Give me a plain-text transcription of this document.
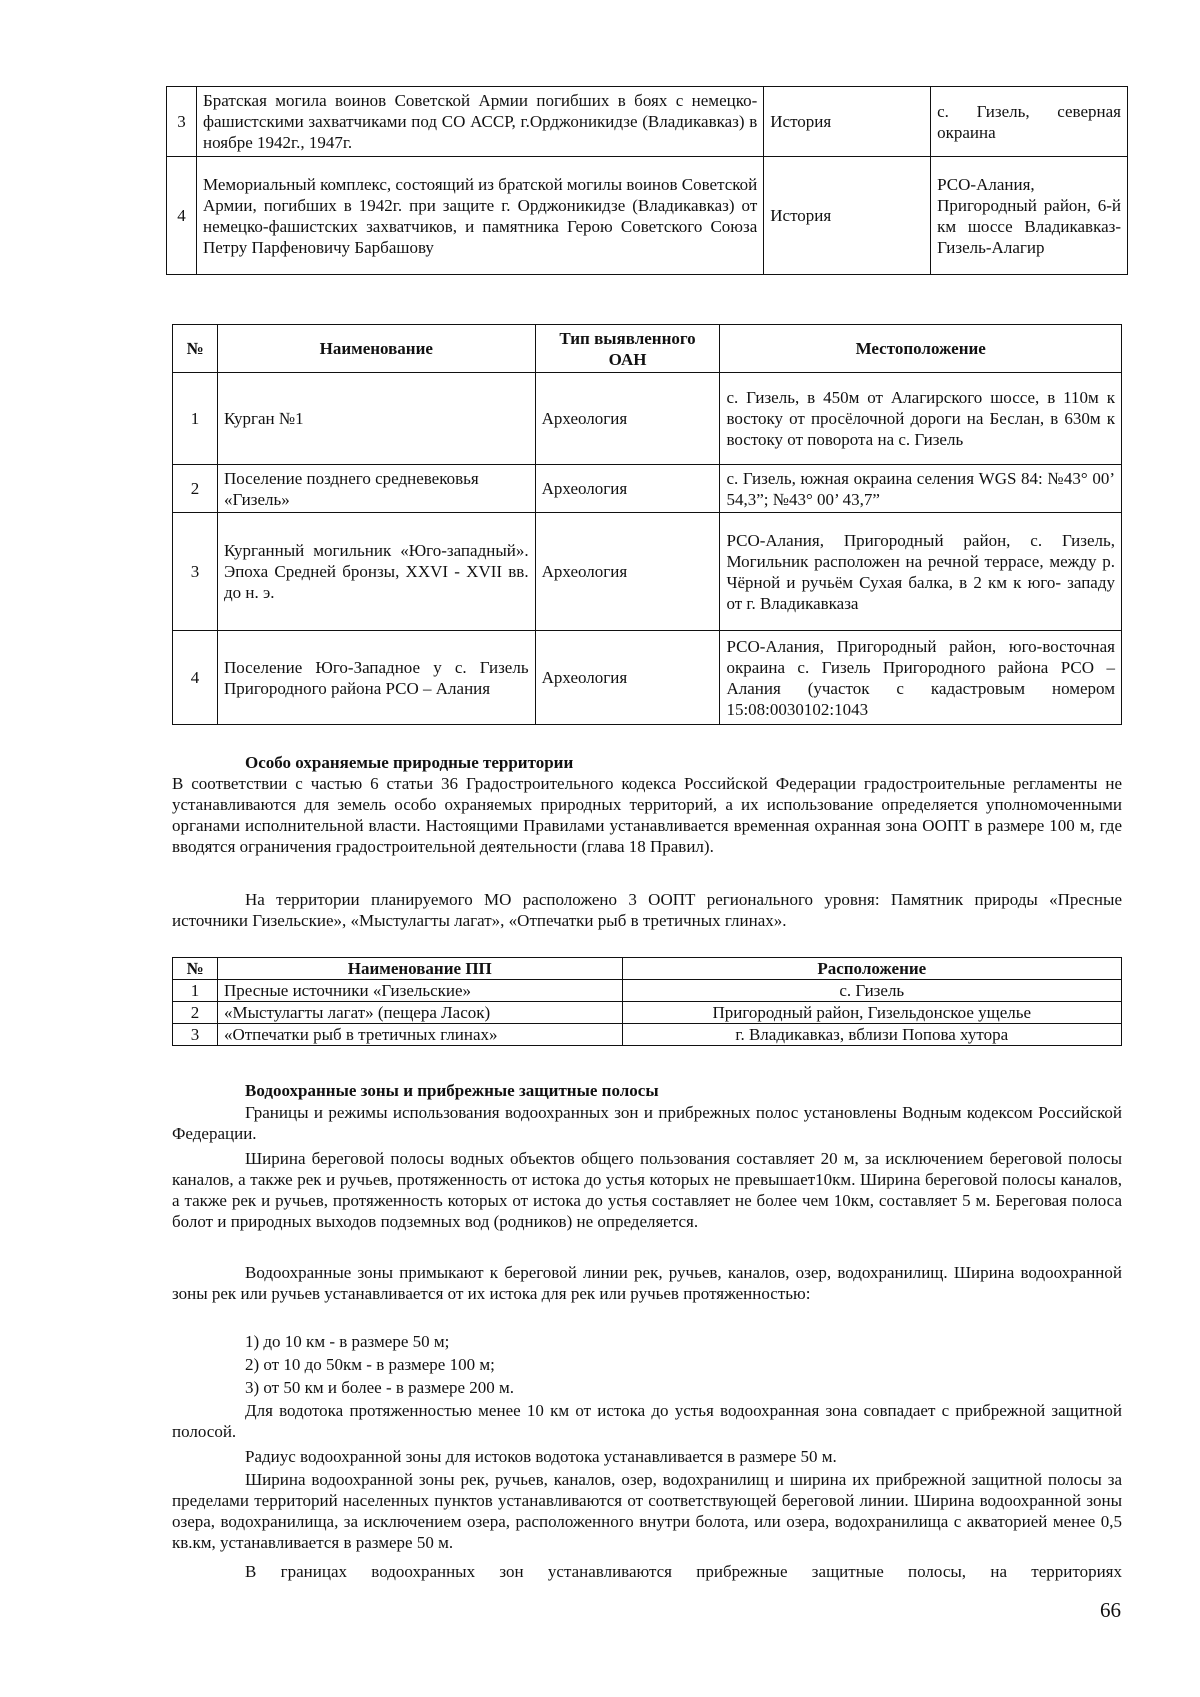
3	Братская могила воинов Советской Армии погибших в боях с немецко-фашистскими захватчиками под СО АССР, г.Орджоникидзе (Владикавказ) в ноябре 1942г., 1947г.	История	с. Гизель, северная окраина
4	Мемориальный комплекс, состоящий из братской могилы воинов Советской Армии, погибших в 1942г. при защите г. Орджоникидзе (Владикавказ) от немецко-фашистских захватчиков, и памятника Герою Советского Союза Петру Парфеновичу Барбашову	История	РСО-Алания, Пригородный район, 6-й км шоссе Владикавказ-Гизель-Алагир
№	Наименование	Тип выявленного ОАН	Местоположение
1	Курган №1	Археология	с. Гизель, в 450м от Алагирского шоссе, в 110м к востоку от просёлочной дороги на Беслан, в 630м к востоку от поворота на с. Гизель
2	Поселение позднего средневековья «Гизель»	Археология	с. Гизель, южная окраина селения WGS 84: №43° 00’ 54,3”; №43° 00’ 43,7”
3	Курганный могильник «Юго-западный». Эпоха Средней бронзы, XXVI - XVII вв. до н. э.	Археология	РСО-Алания, Пригородный район, с. Гизель, Могильник расположен на речной террасе, между р. Чёрной и ручьём Сухая балка, в 2 км к юго- западу от г. Владикавказа
4	Поселение Юго-Западное у с. Гизель Пригородного района РСО – Алания	Археология	РСО-Алания, Пригородный район, юго-восточная окраина с. Гизель Пригородного района РСО – Алания (участок с кадастровым номером 15:08:0030102:1043
Особо охраняемые природные территории
В соответствии с частью 6 статьи 36 Градостроительного кодекса Российской Федерации градостроительные регламенты не устанавливаются для земель особо охраняемых природных территорий, а их использование определяется уполномоченными органами исполнительной власти. Настоящими Правилами устанавливается временная охранная зона ООПТ в размере 100 м, где вводятся ограничения градостроительной деятельности (глава 18 Правил).
На территории планируемого МО расположено 3 ООПТ регионального уровня: Памятник природы «Пресные источники Гизельские», «Мыстулагты лагат», «Отпечатки рыб в третичных глинах».
№	Наименование ПП	Расположение
1	Пресные источники «Гизельские»	с. Гизель
2	«Мыстулагты лагат» (пещера Ласок)	Пригородный район, Гизельдонское ущелье
3	«Отпечатки рыб в третичных глинах»	г. Владикавказ, вблизи Попова хутора
Водоохранные зоны и прибрежные защитные полосы
Границы и режимы использования водоохранных зон и прибрежных полос установлены Водным кодексом Российской Федерации.
Ширина береговой полосы водных объектов общего пользования составляет 20 м, за исключением береговой полосы каналов, а также рек и ручьев, протяженность от истока до устья которых не превышает10км. Ширина береговой полосы каналов, а также рек и ручьев, протяженность которых от истока до устья составляет не более чем 10км, составляет 5 м. Береговая полоса болот и природных выходов подземных вод (родников) не определяется.
Водоохранные зоны примыкают к береговой линии рек, ручьев, каналов, озер, водохранилищ. Ширина водоохранной зоны рек или ручьев устанавливается от их истока для рек или ручьев протяженностью:
1) до 10 км - в размере 50 м;
2) от 10 до 50км - в размере 100 м;
3) от 50 км и более - в размере 200 м.
Для водотока протяженностью менее 10 км от истока до устья водоохранная зона совпадает с прибрежной защитной полосой.
Радиус водоохранной зоны для истоков водотока устанавливается в размере 50 м.
Ширина водоохранной зоны рек, ручьев, каналов, озер, водохранилищ и ширина их прибрежной защитной полосы за пределами территорий населенных пунктов устанавливаются от соответствующей береговой линии. Ширина водоохранной зоны озера, водохранилища, за исключением озера, расположенного внутри болота, или озера, водохранилища с акваторией менее 0,5 кв.км, устанавливается в размере 50 м.
В границах водоохранных зон устанавливаются прибрежные защитные полосы, на территориях
66
